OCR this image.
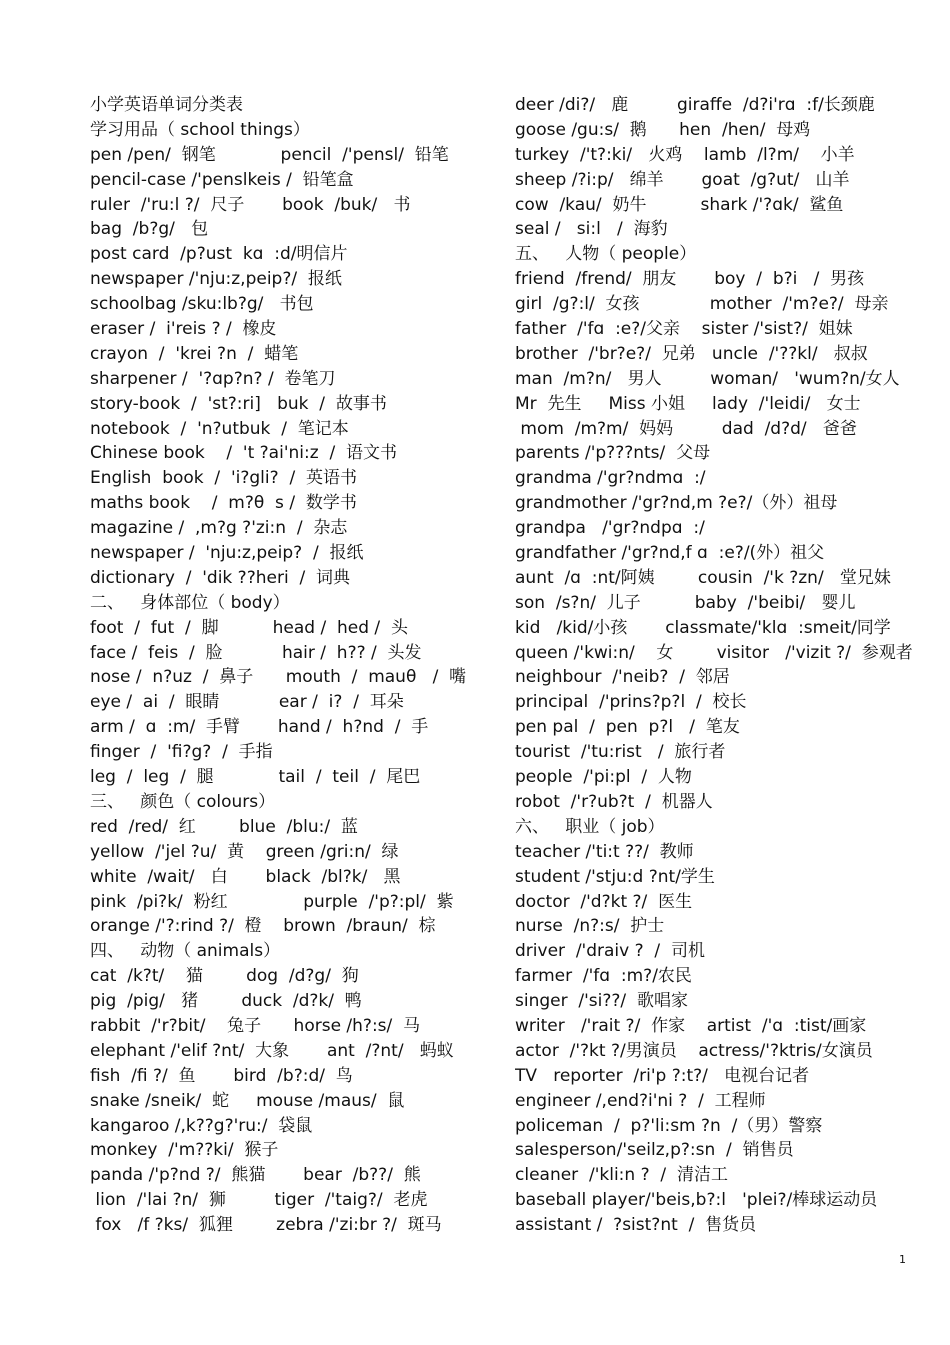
小学英语单词分类表
学习用品（ school things）
pen /pen/  钢笔            pencil  /'pensl/  铅笔
pencil-case /'penslkeis /  铅笔盒
ruler  /'ru:l ?/  尺子       book  /buk/   书
bag  /b?g/   包
post card  /p?ust  kɑ  :d/明信片
newspaper /'nju:z,peip?/  报纸
schoolbag /sku:lb?g/   书包
eraser /  i'reis ? /  橡皮
crayon  /  'krei ?n  /  蜡笔
sharpener /  '?ɑp?n? /  卷笔刀
story-book  /  'st?:ri]   buk  /  故事书
notebook  /  'n?utbuk  /  笔记本
Chinese book    /  't ?ai'ni:z  /  语文书
English  book  /  'i?gli?  /  英语书
maths book    /  m?θ  s /  数学书
magazine /  ,m?g ?'zi:n  /  杂志
newspaper /  'nju:z,peip?  /  报纸
dictionary  /  'dik ??heri  /  词典
二、   身体部位（ body）
foot  /  fut  /  脚          head /  hed /  头
face /  feis  /  脸           hair /  h?? /  头发
nose /  n?uz  /  鼻子      mouth  /  mauθ   /  嘴
eye /  ai  /  眼睛           ear /  i?  /  耳朵
arm /  ɑ  :m/  手臂       hand /  h?nd  /  手
finger  /  'fi?g?  /  手指
leg  /  leg  /  腿            tail  /  teil  /  尾巴
三、   颜色（ colours）
red  /red/  红        blue  /blu:/  蓝
yellow  /'jel ?u/  黄    green /gri:n/  绿
white  /wait/   白       black  /bl?k/   黑
pink  /pi?k/  粉红              purple  /'p?:pl/  紫
orange /'?:rind ?/  橙    brown  /braun/  棕
四、   动物（ animals）
cat  /k?t/    猫        dog  /d?g/  狗
pig  /pig/   猪        duck  /d?k/  鸭
rabbit  /'r?bit/    兔子      horse /h?:s/  马
elephant /'elif ?nt/  大象       ant  /?nt/   蚂蚁
fish  /fi ?/  鱼       bird  /b?:d/  鸟
snake /sneik/  蛇     mouse /maus/  鼠
kangaroo /,k??g?'ru:/  袋鼠
monkey  /'m??ki/  猴子
panda /'p?nd ?/  熊猫       bear  /b??/  熊
lion  /'lai ?n/  狮         tiger  /'taig?/  老虎
fox   /f ?ks/  狐狸        zebra /'zi:br ?/  斑马
deer /di?/   鹿         giraffe  /d?i'rɑ  :f/长颈鹿
goose /gu:s/  鹅      hen  /hen/  母鸡
turkey  /'t?:ki/   火鸡    lamb  /l?m/    小羊
sheep /?i:p/   绵羊       goat  /g?ut/   山羊
cow  /kau/  奶牛          shark /'?ɑk/  鲨鱼
seal /   si:l   /  海豹
五、   人物（ people）
friend  /frend/  朋友       boy  /  b?i   /  男孩
girl  /g?:l/  女孩             mother  /'m?e?/  母亲
father  /'fɑ  :e?/父亲    sister /'sist?/  姐妹
brother  /'br?e?/  兄弟   uncle  /'??kl/   叔叔
man  /m?n/   男人         woman/   'wum?n/女人
Mr  先生     Miss 小姐     lady  /'leidi/   女士
mom  /m?m/  妈妈         dad  /d?d/   爸爸
parents /'p???nts/  父母
grandma /'gr?ndmɑ  :/
grandmother /'gr?nd,m ?e?/（外）祖母
grandpa   /'gr?ndpɑ  :/
grandfather /'gr?nd,f ɑ  :e?/(外）祖父
aunt  /ɑ  :nt/阿姨        cousin  /'k ?zn/   堂兄妹
son  /s?n/  儿子          baby  /'beibi/   婴儿
kid   /kid/小孩       classmate/'klɑ  :smeit/同学
queen /'kwi:n/    女        visitor   /'vizit ?/  参观者
neighbour  /'neib?  /  邻居
principal  /'prins?p?l  /  校长
pen pal  /  pen  p?l   /  笔友
tourist  /'tu:rist   /  旅行者
people  /'pi:pl  /  人物
robot  /'r?ub?t  /  机器人
六、   职业（ job）
teacher /'ti:t ??/  教师
student /'stju:d ?nt/学生
doctor  /'d?kt ?/  医生
nurse  /n?:s/  护士
driver  /'draiv ?  /  司机
farmer  /'fɑ  :m?/农民
singer  /'si??/  歌唱家
writer   /'rait ?/  作家    artist  /'ɑ  :tist/画家
actor  /'?kt ?/男演员    actress/'?ktris/女演员
TV   reporter  /ri'p ?:t?/   电视台记者
engineer /,end?i'ni ?  /  工程师
policeman  /  p?'li:sm ?n  /（男）警察
salesperson/'seilz,p?:sn  /  销售员
cleaner  /'kli:n ?  /  清洁工
baseball player/'beis,b?:l   'plei?/棒球运动员
assistant /  ?sist?nt  /  售货员
1
